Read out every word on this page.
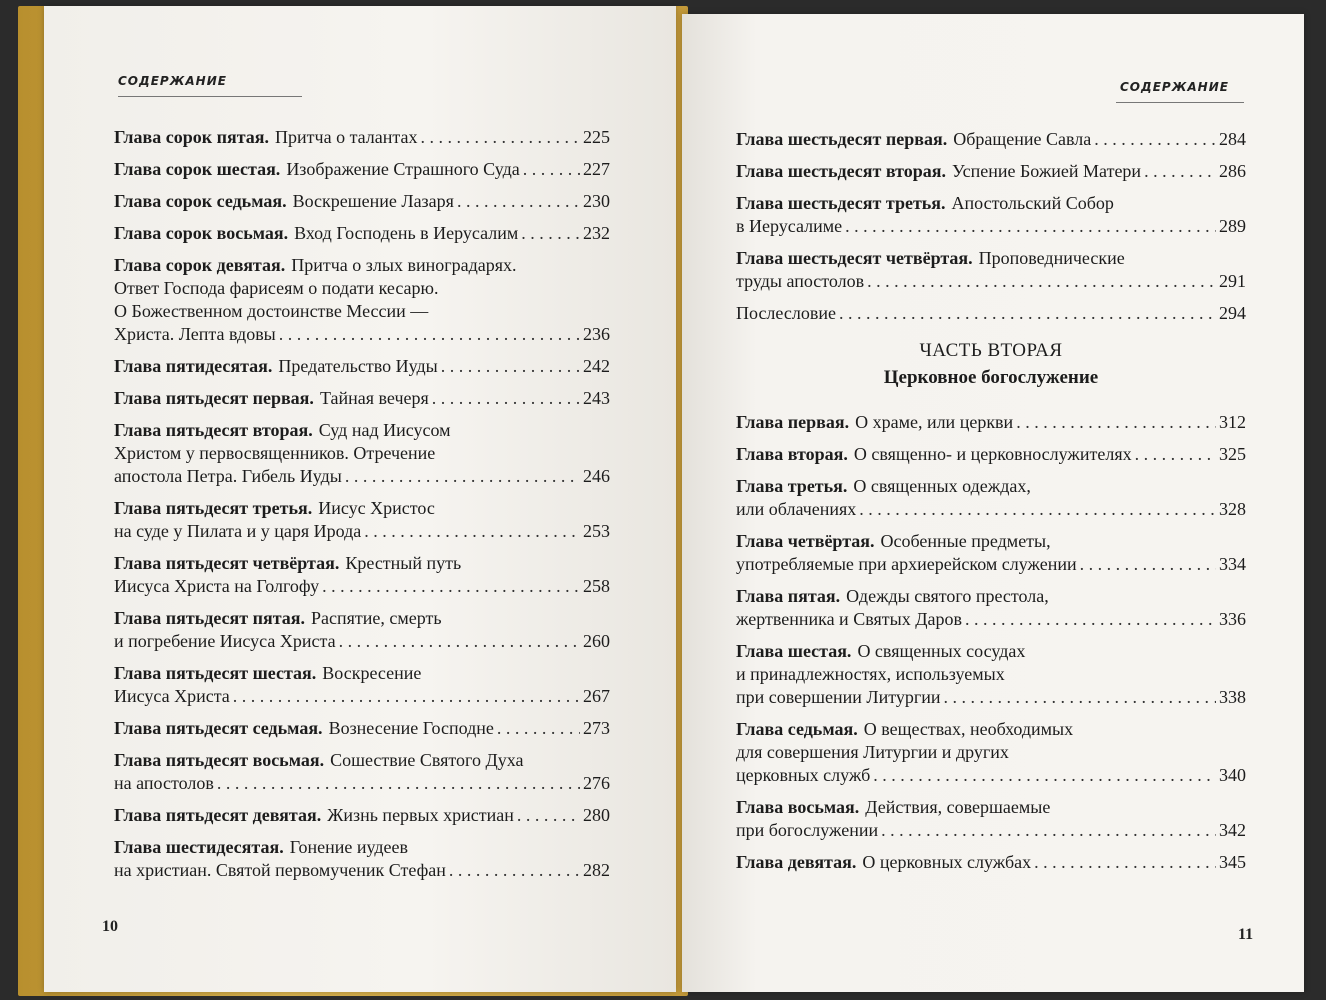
СОДЕРЖАНИЕ
Глава сорок пятая. Притча о талантах . . .	225
Глава сорок шестая. Изображение Страшного Суда . . .	227
Глава сорок седьмая. Воскрешение Лазаря . . .	230
Глава сорок восьмая. Вход Господень в Иерусалим . . .	232
Глава сорок девятая. Притча о злых виноградарях.
Ответ Господа фарисеям о подати кесарю.
О Божественном достоинстве Мессии —
Христа. Лепта вдовы . . .	236
Глава пятидесятая. Предательство Иуды . . .	242
Глава пятьдесят первая. Тайная вечеря . . .	243
Глава пятьдесят вторая. Суд над Иисусом
Христом у первосвященников. Отречение
апостола Петра. Гибель Иуды . . .	246
Глава пятьдесят третья. Иисус Христос
на суде у Пилата и у царя Ирода . . .	253
Глава пятьдесят четвёртая. Крестный путь
Иисуса Христа на Голгофу . . .	258
Глава пятьдесят пятая. Распятие, смерть
и погребение Иисуса Христа . . .	260
Глава пятьдесят шестая. Воскресение
Иисуса Христа . . .	267
Глава пятьдесят седьмая. Вознесение Господне . . .	273
Глава пятьдесят восьмая. Сошествие Святого Духа
на апостолов . . .	276
Глава пятьдесят девятая. Жизнь первых христиан . . .	280
Глава шестидесятая. Гонение иудеев
на христиан. Святой первомученик Стефан . . .	282
10
СОДЕРЖАНИЕ
Глава шестьдесят первая. Обращение Савла . . .	284
Глава шестьдесят вторая. Успение Божией Матери . . .	286
Глава шестьдесят третья. Апостольский Собор
в Иерусалиме . . .	289
Глава шестьдесят четвёртая. Проповеднические
труды апостолов . . .	291
Послесловие . . .	294
ЧАСТЬ ВТОРАЯ
Церковное богослужение
Глава первая. О храме, или церкви . . .	312
Глава вторая. О священно- и церковнослужителях . . .	325
Глава третья. О священных одеждах,
или облачениях . . .	328
Глава четвёртая. Особенные предметы,
употребляемые при архиерейском служении . . .	334
Глава пятая. Одежды святого престола,
жертвенника и Святых Даров . . .	336
Глава шестая. О священных сосудах
и принадлежностях, используемых
при совершении Литургии . . .	338
Глава седьмая. О веществах, необходимых
для совершения Литургии и других
церковных служб . . .	340
Глава восьмая. Действия, совершаемые
при богослужении . . .	342
Глава девятая. О церковных службах . . .	345
11
